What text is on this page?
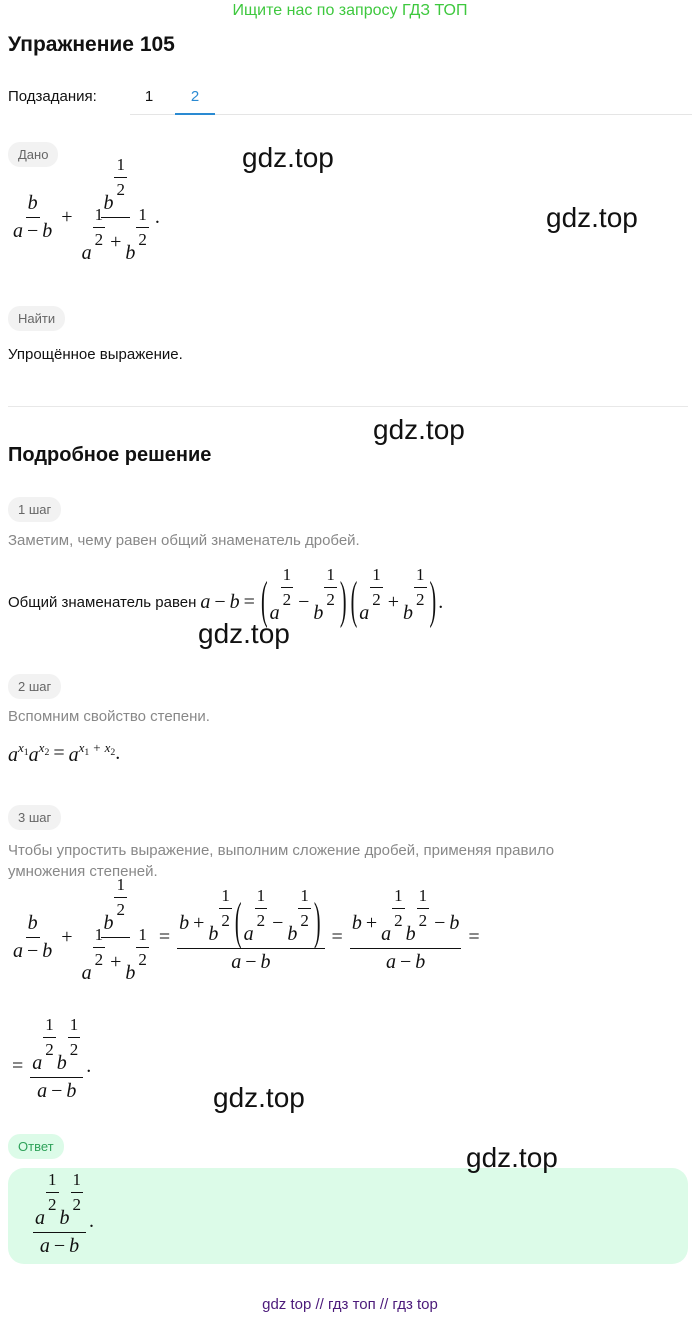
Ищите нас по запросу ГДЗ ТОП
Упражнение 105
Подзадания:	1	2
Дано
$\frac{b}{a - b} + b$
$\frac{1}{2}$
a
$\frac{1}{2} + b$
$\frac{1}{2}$ .
Найти
Упрощённое выражение.
Подробное решение
1 шаг
Заметим, чему равен общий знаменатель дробей.
Общий знаменатель равен a − b = ( a
$\frac{1}{2} - b$
$\frac{1}{2}$ ) ( a
$\frac{1}{2} + b$
$\frac{1}{2}$ ) .
2 шаг
Вспомним свойство степени.
$a^{x_1}$ $a^{x_2} = a^{x_1 + x_2}$ .
3 шаг
Чтобы упростить выражение, выполним сложение дробей, применяя правило умножения степеней.
$\frac{b}{a - b} + b$
$\frac{1}{2}$
a
$\frac{1}{2} + b$
$\frac{1}{2} = b + b$
$\frac{1}{2}$ ( a
$\frac{1}{2} - b$
$\frac{1}{2}$ )
a − b = b + a
$\frac{1}{2}$
b
$\frac{1}{2} - b$
a − b =
= a
$\frac{1}{2}$
b
$\frac{1}{2}$
a − b .
Ответ
a
$\frac{1}{2}$
b
$\frac{1}{2}$
a − b .
gdz.top
gdz.top
gdz.top
gdz.top
gdz.top
gdz.top
gdz top // гдз топ // гдз top
